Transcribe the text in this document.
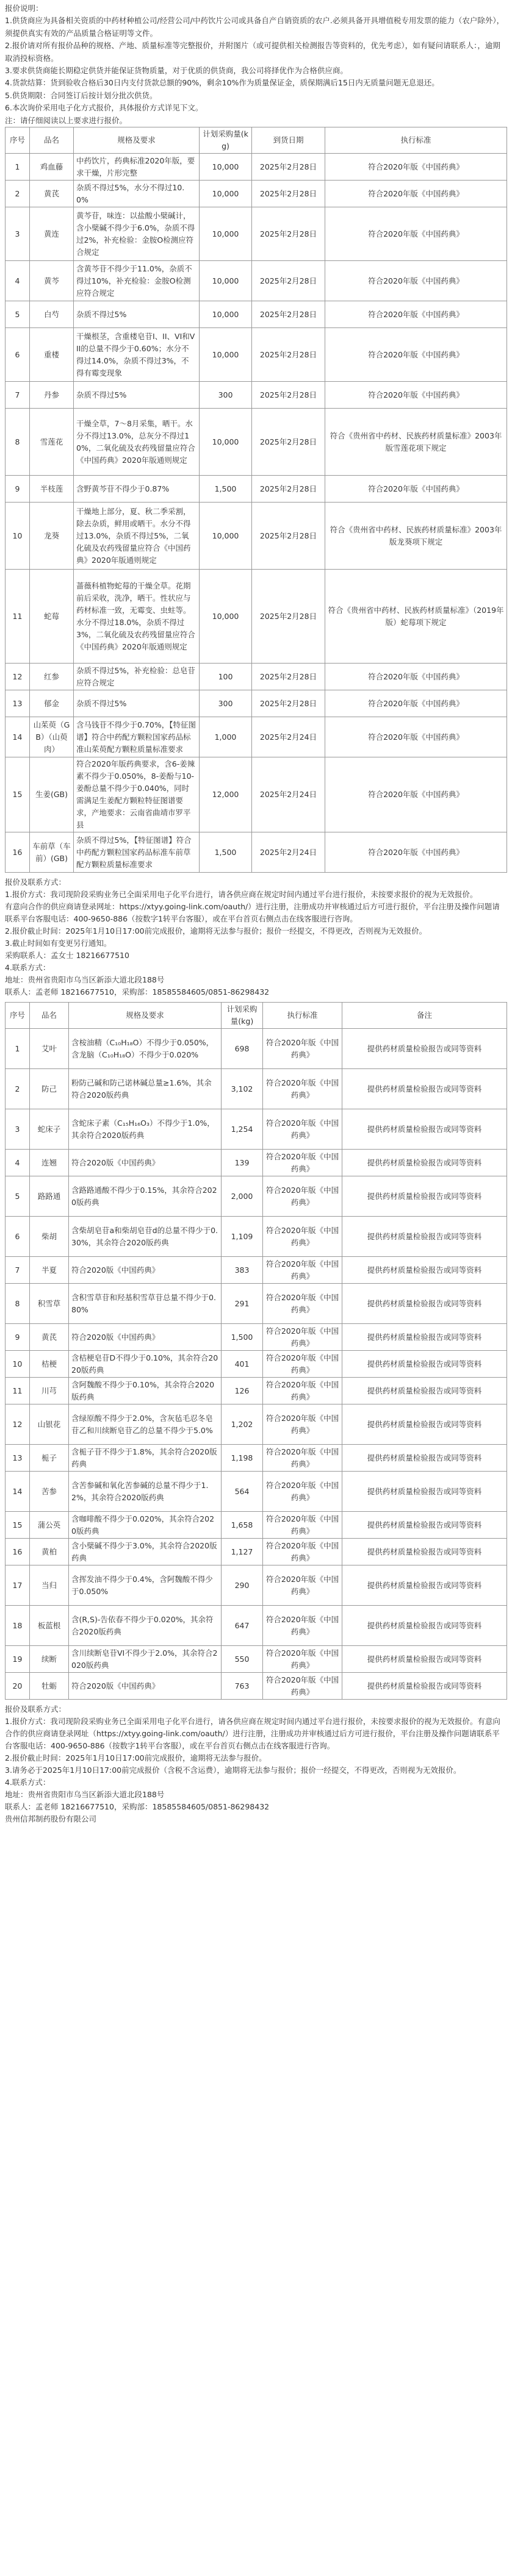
报价说明：

1.供货商应为具备相关资质的中药材种植公司/经营公司/中药饮片公司或具备自产自销资质的农户.必须具备开具增值税专用发票的能力（农户除外），须提供真实有效的产品质量合格证明等文件。

2.报价请对所有报价品种的规格、产地、质量标准等完整报价，并附图片（或可提供相关检测报告等资料的，优先考虑），如有疑问请联系人：，逾期取消投标资格。

3.要求供货商能长期稳定供货并能保证货物质量，对于优质的供货商，我公司将择优作为合格供应商。

4.货款结算：货到验收合格后30日内支付货款总额的90%，剩余10%作为质量保证金，质保期满后15日内无质量问题无息退还。

5.供货期限：合同签订后按计划分批次供货。

6.本次询价采用电子化方式报价，具体报价方式详见下文。

注：请仔细阅读以上要求进行报价。

序号	品名	规格及要求	计划采购量(kg)	到货日期	执行标准
1	鸡血藤	中药饮片，药典标准2020年版，要求干燥，片形完整	10,000	2025年2月28日	符合2020年版《中国药典》
2	黄芪	杂质不得过5%，水分不得过10.0%	10,000	2025年2月28日	符合2020年版《中国药典》
3	黄连	黄芩苷，味连：以盐酸小檗碱计，含小檗碱不得少于6.0%，杂质不得过2%，补充检验：金胺O检测应符合规定	10,000	2025年2月28日	符合2020年版《中国药典》
4	黄芩	含黄芩苷不得少于11.0%，杂质不得过10%，补充检验：金胺O检测应符合规定	10,000	2025年2月28日	符合2020年版《中国药典》
5	白芍	杂质不得过5%	10,000	2025年2月28日	符合2020年版《中国药典》
6	重楼	干燥根茎，含重楼皂苷I、II、VI和VII的总量不得少于0.60%；水分不得过14.0%，杂质不得过3%，不得有霉变现象	10,000	2025年2月28日	符合2020年版《中国药典》
7	丹参	杂质不得过5%	300	2025年2月28日	符合2020年版《中国药典》
8	雪莲花	干燥全草，7～8月采集，晒干。水分不得过13.0%，总灰分不得过10%，二氧化硫及农药残留量应符合《中国药典》2020年版通则规定	10,000	2025年2月28日	符合《贵州省中药材、民族药材质量标准》2003年版雪莲花项下规定
9	半枝莲	含野黄芩苷不得少于0.87%	1,500	2025年2月28日	符合2020年版《中国药典》
10	龙葵	干燥地上部分，夏、秋二季采割，除去杂质，鲜用或晒干。水分不得过13.0%，杂质不得过5%，二氧化硫及农药残留量应符合《中国药典》2020年版通则规定	10,000	2025年2月28日	符合《贵州省中药材、民族药材质量标准》2003年版龙葵项下规定
11	蛇莓	蔷薇科植物蛇莓的干燥全草。花期前后采收，洗净，晒干。性状应与药材标准一致，无霉变、虫蛀等。水分不得过18.0%，杂质不得过3%，二氧化硫及农药残留量应符合《中国药典》2020年版通则规定	10,000	2025年2月28日	符合《贵州省中药材、民族药材质量标准》（2019年版）蛇莓项下规定
12	红参	杂质不得过5%，补充检验：总皂苷应符合规定	100	2025年2月28日	符合2020年版《中国药典》
13	郁金	杂质不得过5%	300	2025年2月28日	符合2020年版《中国药典》
14	山茱萸（GB）（山萸肉）	含马钱苷不得少于0.70%，【特征图谱】符合中药配方颗粒国家药品标准山茱萸配方颗粒质量标准要求	1,000	2025年2月24日	符合2020年版《中国药典》
15	生姜(GB)	符合2020年版药典要求，含6-姜辣素不得少于0.050%，8-姜酚与10-姜酚总量不得少于0.040%，同时需满足生姜配方颗粒特征图谱要求，产地要求：云南省曲靖市罗平县	12,000	2025年2月24日	符合2020年版《中国药典》
16	车前草（车前）(GB)	杂质不得过5%，【特征图谱】符合中药配方颗粒国家药品标准车前草配方颗粒质量标准要求	1,500	2025年2月24日	符合2020年版《中国药典》

报价及联系方式：

1.报价方式：我司现阶段采购业务已全面采用电子化平台进行，请各供应商在规定时间内通过平台进行报价，未按要求报价的视为无效报价。

有意向合作的供应商请登录网址：https://xtyy.going-link.com/oauth/）进行注册，注册成功并审核通过后方可进行报价，平台注册及操作问题请联系平台客服电话：400-9650-886（按数字1转平台客服），或在平台首页右侧点击在线客服进行咨询。

2.报价截止时间：2025年1月10日17:00前完成报价，逾期将无法参与报价；报价一经提交，不得更改，否则视为无效报价。

3.截止时间如有变更另行通知。

采购联系人：孟女士 18216677510

4.联系方式：

地址：贵州省贵阳市乌当区新添大道北段188号

联系人：孟老师 18216677510，采购部：18585584605/0851-86298432

序号	品名	规格及要求	计划采购量(kg)	执行标准	备注
1	艾叶	含桉油精（C₁₀H₁₈O）不得少于0.050%，含龙脑（C₁₀H₁₈O）不得少于0.020%	698	符合2020年版《中国药典》	提供药材质量检验报告或同等资料
2	防己	粉防己碱和防己诺林碱总量≥1.6%，其余符合2020版药典	3,102	符合2020年版《中国药典》	提供药材质量检验报告或同等资料
3	蛇床子	含蛇床子素（C₁₅H₁₆O₃）不得少于1.0%，其余符合2020版药典	1,254	符合2020年版《中国药典》	提供药材质量检验报告或同等资料
4	连翘	符合2020版《中国药典》	139	符合2020年版《中国药典》	提供药材质量检验报告或同等资料
5	路路通	含路路通酸不得少于0.15%，其余符合2020版药典	2,000	符合2020年版《中国药典》	提供药材质量检验报告或同等资料
6	柴胡	含柴胡皂苷a和柴胡皂苷d的总量不得少于0.30%，其余符合2020版药典	1,109	符合2020年版《中国药典》	提供药材质量检验报告或同等资料
7	半夏	符合2020版《中国药典》	383	符合2020年版《中国药典》	提供药材质量检验报告或同等资料
8	积雪草	含积雪草苷和羟基积雪草苷总量不得少于0.80%	291	符合2020年版《中国药典》	提供药材质量检验报告或同等资料
9	黄芪	符合2020版《中国药典》	1,500	符合2020年版《中国药典》	提供药材质量检验报告或同等资料
10	桔梗	含桔梗皂苷D不得少于0.10%，其余符合2020版药典	401	符合2020年版《中国药典》	提供药材质量检验报告或同等资料
11	川芎	含阿魏酸不得少于0.10%，其余符合2020版药典	126	符合2020年版《中国药典》	提供药材质量检验报告或同等资料
12	山银花	含绿原酸不得少于2.0%，含灰毡毛忍冬皂苷乙和川续断皂苷乙的总量不得少于5.0%	1,202	符合2020年版《中国药典》	提供药材质量检验报告或同等资料
13	栀子	含栀子苷不得少于1.8%，其余符合2020版药典	1,198	符合2020年版《中国药典》	提供药材质量检验报告或同等资料
14	苦参	含苦参碱和氧化苦参碱的总量不得少于1.2%，其余符合2020版药典	564	符合2020年版《中国药典》	提供药材质量检验报告或同等资料
15	蒲公英	含咖啡酸不得少于0.020%，其余符合2020版药典	1,658	符合2020年版《中国药典》	提供药材质量检验报告或同等资料
16	黄柏	含小檗碱不得少于3.0%，其余符合2020版药典	1,127	符合2020年版《中国药典》	提供药材质量检验报告或同等资料
17	当归	含挥发油不得少于0.4%，含阿魏酸不得少于0.050%	290	符合2020年版《中国药典》	提供药材质量检验报告或同等资料
18	板蓝根	含(R,S)-告依春不得少于0.020%，其余符合2020版药典	647	符合2020年版《中国药典》	提供药材质量检验报告或同等资料
19	续断	含川续断皂苷VI不得少于2.0%，其余符合2020版药典	550	符合2020年版《中国药典》	提供药材质量检验报告或同等资料
20	牡蛎	符合2020版《中国药典》	763	符合2020年版《中国药典》	提供药材质量检验报告或同等资料

报价及联系方式：

1.报价方式：我司现阶段采购业务已全面采用电子化平台进行，请各供应商在规定时间内通过平台进行报价，未按要求报价的视为无效报价。有意向合作的供应商请登录网址（https://xtyy.going-link.com/oauth/）进行注册，注册成功并审核通过后方可进行报价，平台注册及操作问题请联系平台客服电话：400-9650-886（按数字1转平台客服），或在平台首页右侧点击在线客服进行咨询。

2.报价截止时间：2025年1月10日17:00前完成报价，逾期将无法参与报价。

3.请务必于2025年1月10日17:00前完成报价（含税不含运费），逾期将无法参与报价；报价一经提交，不得更改，否则视为无效报价。

4.联系方式：

地址：贵州省贵阳市乌当区新添大道北段188号

联系人：孟老师 18216677510，采购部：18585584605/0851-86298432

贵州信邦制药股份有限公司
